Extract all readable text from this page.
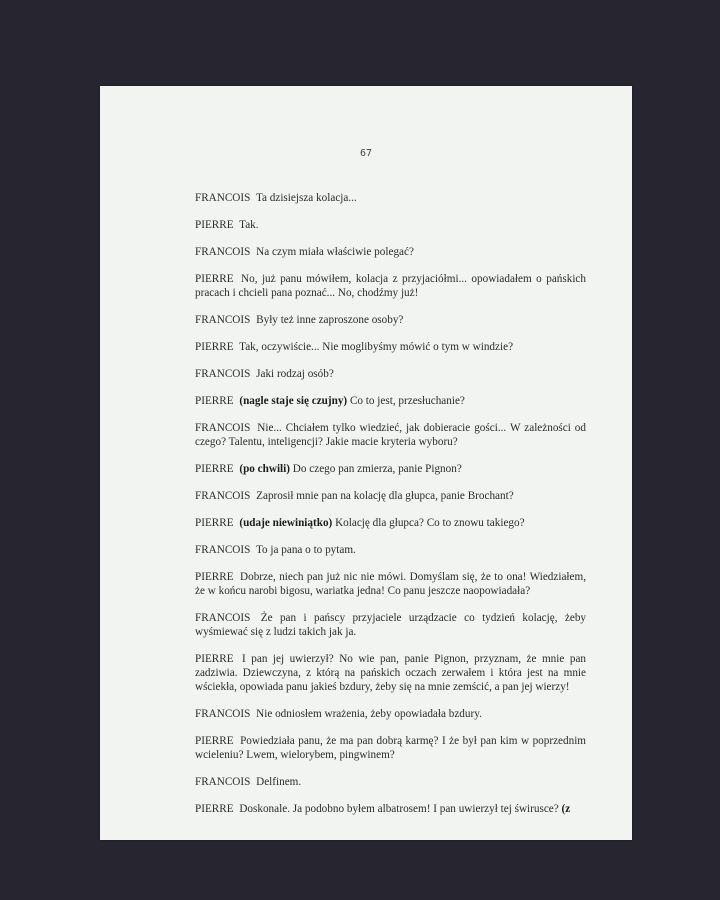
67

FRANCOIS Ta dzisiejsza kolacja...

PIERRE Tak.

FRANCOIS Na czym miała właściwie polegać?

PIERRE No, już panu mówiłem, kolacja z przyjaciółmi... opowiadałem o pańskich pracach i chcieli pana poznać... No, chodźmy już!

FRANCOIS Były też inne zaproszone osoby?

PIERRE Tak, oczywiście... Nie moglibyśmy mówić o tym w windzie?

FRANCOIS Jaki rodzaj osób?

PIERRE (nagle staje się czujny) Co to jest, przesłuchanie?

FRANCOIS Nie... Chciałem tylko wiedzieć, jak dobieracie gości... W zależności od czego? Talentu, inteligencji? Jakie macie kryteria wyboru?

PIERRE (po chwili) Do czego pan zmierza, panie Pignon?

FRANCOIS Zaprosił mnie pan na kolację dla głupca, panie Brochant?

PIERRE (udaje niewiniątko) Kolację dla głupca? Co to znowu takiego?

FRANCOIS To ja pana o to pytam.

PIERRE Dobrze, niech pan już nic nie mówi. Domyślam się, że to ona! Wiedziałem, że w końcu narobi bigosu, wariatka jedna! Co panu jeszcze naopowiadała?

FRANCOIS Że pan i pańscy przyjaciele urządzacie co tydzień kolację, żeby wyśmiewać się z ludzi takich jak ja.

PIERRE I pan jej uwierzył? No wie pan, panie Pignon, przyznam, że mnie pan zadziwia. Dziewczyna, z którą na pańskich oczach zerwałem i która jest na mnie wściekła, opowiada panu jakieś bzdury, żeby się na mnie zemścić, a pan jej wierzy!

FRANCOIS Nie odniosłem wrażenia, żeby opowiadała bzdury.

PIERRE Powiedziała panu, że ma pan dobrą karmę? I że był pan kim w poprzednim wcieleniu? Lwem, wielorybem, pingwinem?

FRANCOIS Delfinem.

PIERRE Doskonale. Ja podobno byłem albatrosem! I pan uwierzył tej świrusce? (z
